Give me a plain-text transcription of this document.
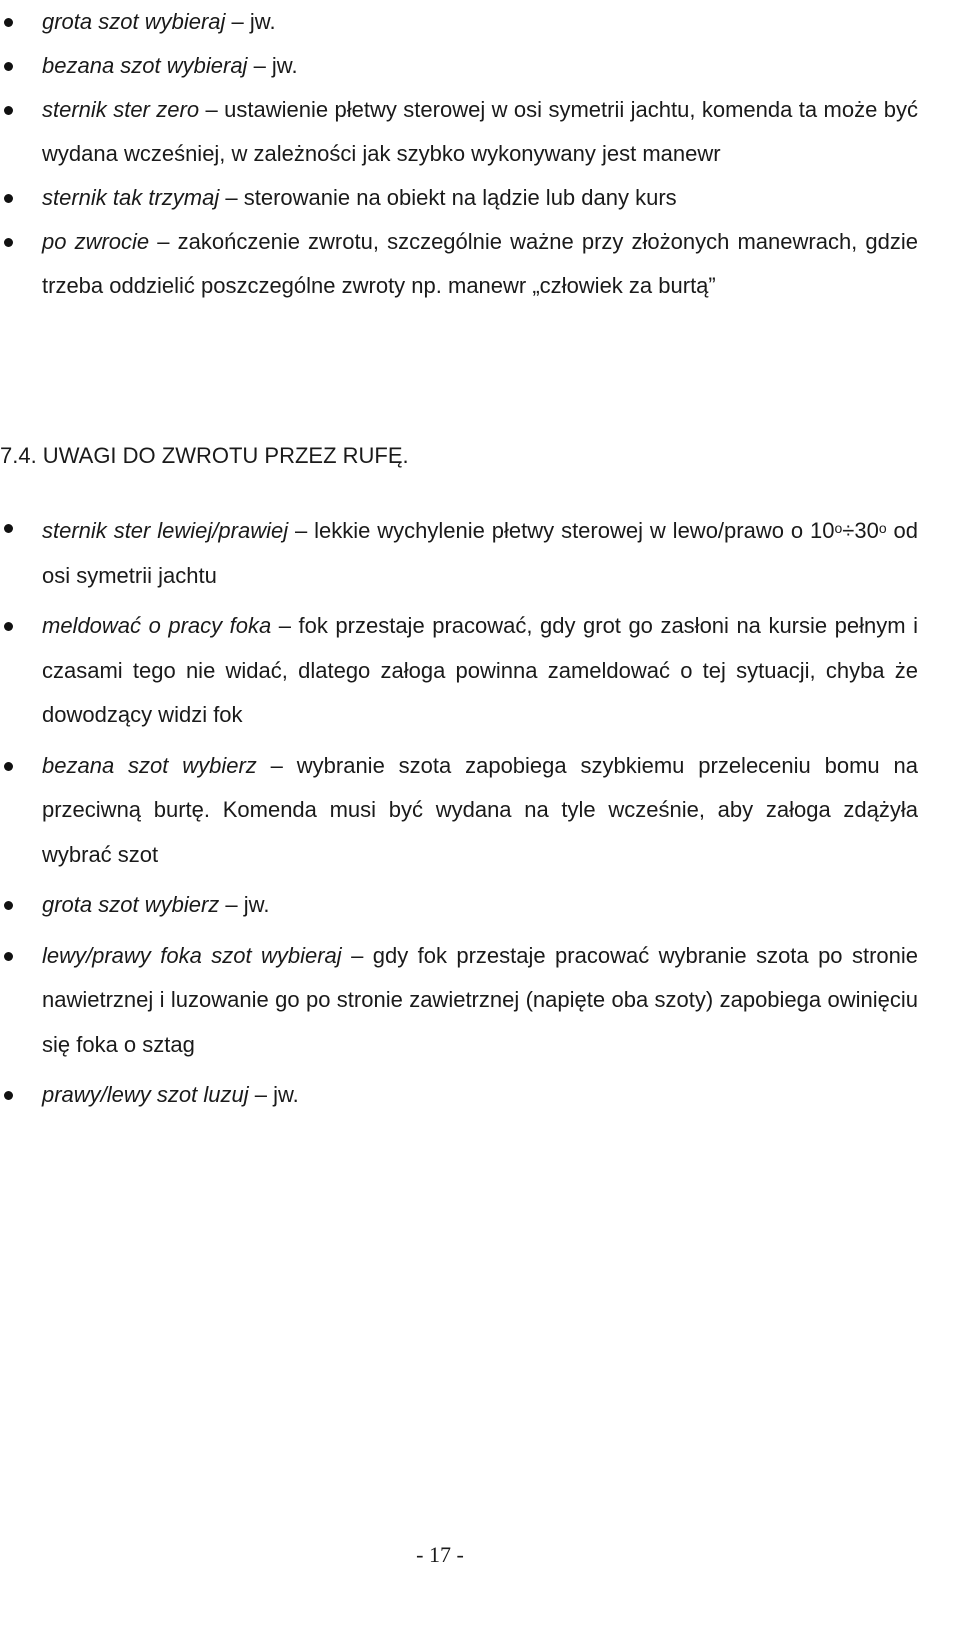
grota szot wybieraj – jw.
bezana szot wybieraj – jw.
sternik ster zero – ustawienie płetwy sterowej w osi symetrii jachtu, komenda ta może być wydana wcześniej, w zależności jak szybko wykonywany jest manewr
sternik tak trzymaj – sterowanie na obiekt na lądzie lub dany kurs
po zwrocie – zakończenie zwrotu, szczególnie ważne przy złożonych manewrach, gdzie trzeba oddzielić poszczególne zwroty np. manewr „człowiek za burtą”
7.4. UWAGI DO ZWROTU PRZEZ RUFĘ.
sternik ster lewiej/prawiej – lekkie wychylenie płetwy sterowej w lewo/prawo o $10^o\div 30^o$ od osi symetrii jachtu
meldować o pracy foka – fok przestaje pracować, gdy grot go zasłoni na kursie pełnym i czasami tego nie widać, dlatego załoga powinna zameldować o tej sytuacji, chyba że dowodzący widzi fok
bezana szot wybierz – wybranie szota zapobiega szybkiemu przeleceniu bomu na przeciwną burtę. Komenda musi być wydana na tyle wcześnie, aby załoga zdążyła wybrać szot
grota szot wybierz – jw.
lewy/prawy foka szot wybieraj – gdy fok przestaje pracować wybranie szota po stronie nawietrznej i luzowanie go po stronie zawietrznej (napięte oba szoty) zapobiega owinięciu się foka o sztag
prawy/lewy szot luzuj – jw.
- 17 -
